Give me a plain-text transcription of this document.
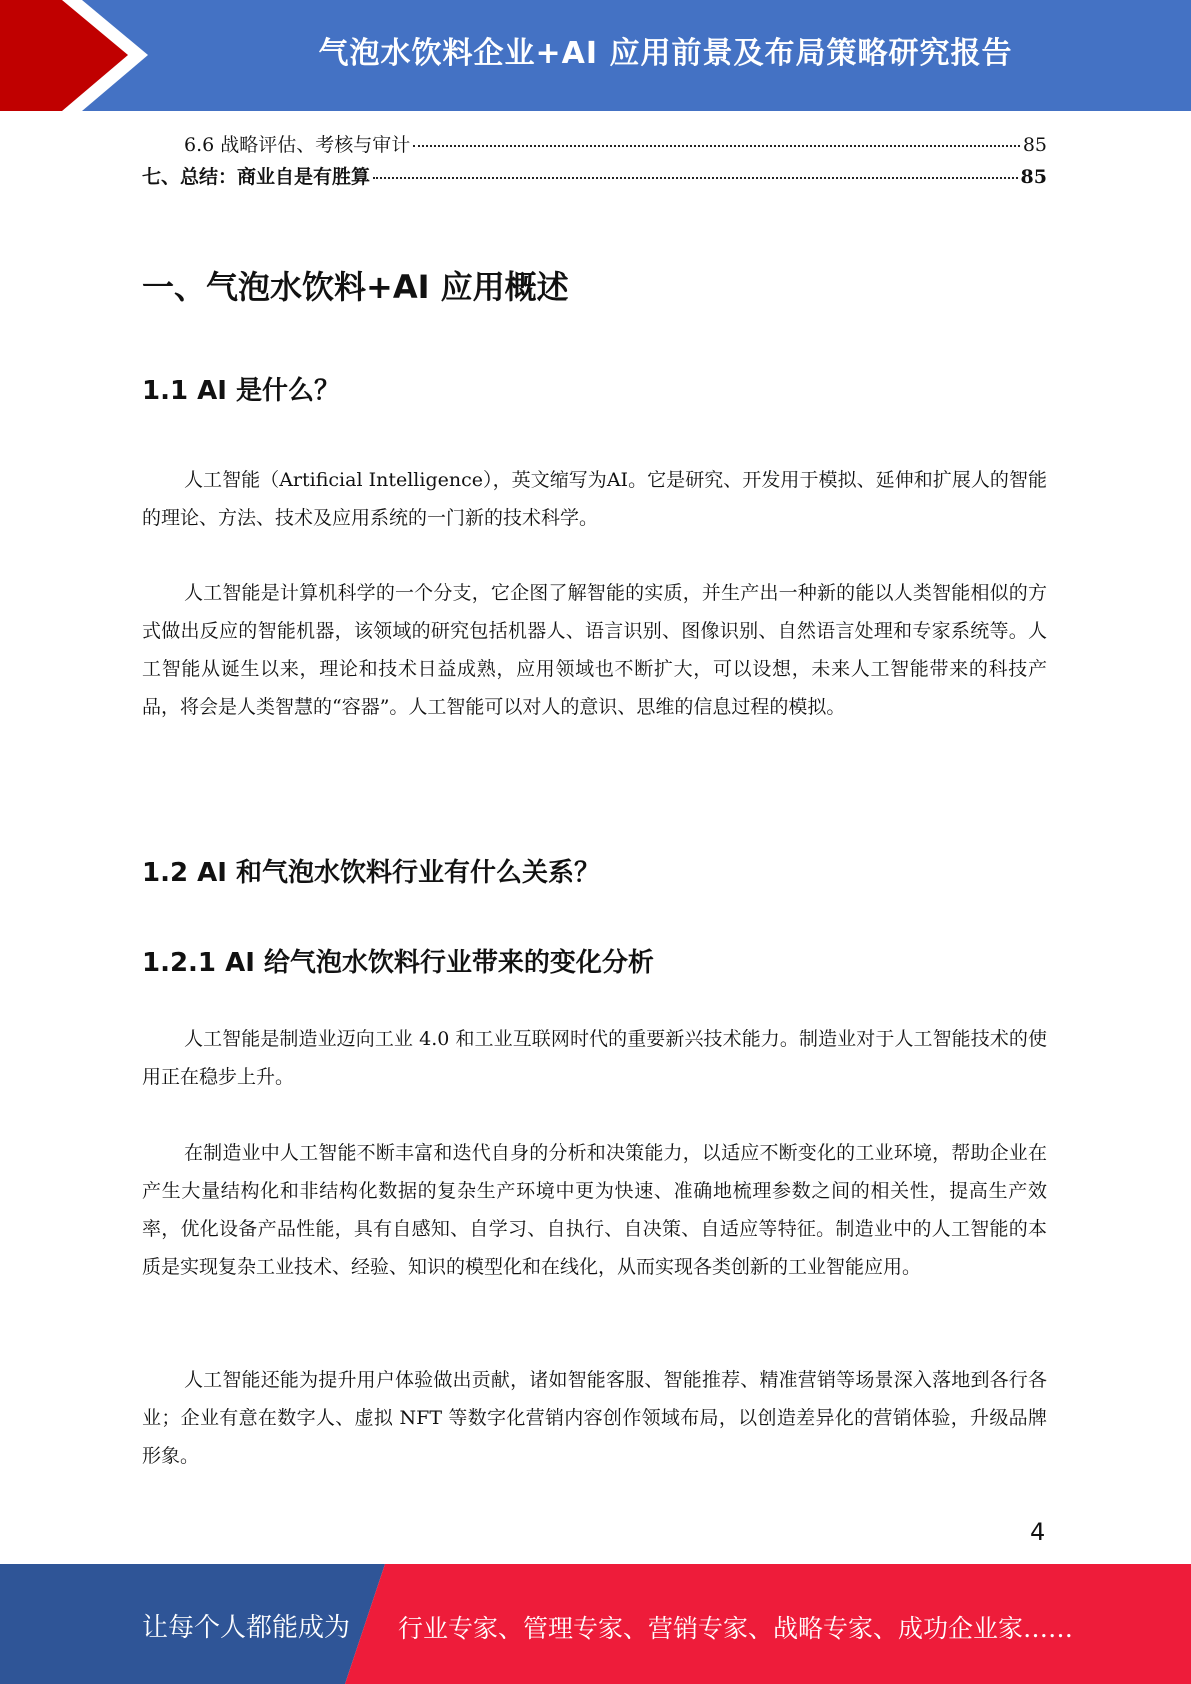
气泡水饮料企业+AI 应用前景及布局策略研究报告
6.6 战略评估、考核与审计	85
七、总结：商业自是有胜算	85
一、气泡水饮料+AI 应用概述
1.1 AI 是什么？

人工智能（Artificial Intelligence），英文缩写为AI。它是研究、开发用于模拟、延伸和扩展人的智能的理论、方法、技术及应用系统的一门新的技术科学。

人工智能是计算机科学的一个分支，它企图了解智能的实质，并生产出一种新的能以人类智能相似的方式做出反应的智能机器，该领域的研究包括机器人、语言识别、图像识别、自然语言处理和专家系统等。人工智能从诞生以来，理论和技术日益成熟，应用领域也不断扩大，可以设想，未来人工智能带来的科技产品，将会是人类智慧的“容器”。人工智能可以对人的意识、思维的信息过程的模拟。

1.2 AI 和气泡水饮料行业有什么关系？
1.2.1 AI 给气泡水饮料行业带来的变化分析

人工智能是制造业迈向工业 4.0 和工业互联网时代的重要新兴技术能力。制造业对于人工智能技术的使用正在稳步上升。

在制造业中人工智能不断丰富和迭代自身的分析和决策能力，以适应不断变化的工业环境，帮助企业在产生大量结构化和非结构化数据的复杂生产环境中更为快速、准确地梳理参数之间的相关性，提高生产效率，优化设备产品性能，具有自感知、自学习、自执行、自决策、自适应等特征。制造业中的人工智能的本质是实现复杂工业技术、经验、知识的模型化和在线化，从而实现各类创新的工业智能应用。

人工智能还能为提升用户体验做出贡献，诸如智能客服、智能推荐、精准营销等场景深入落地到各行各业；企业有意在数字人、虚拟 NFT 等数字化营销内容创作领域布局，以创造差异化的营销体验，升级品牌形象。

4
让每个人都能成为 行业专家、管理专家、营销专家、战略专家、成功企业家……
